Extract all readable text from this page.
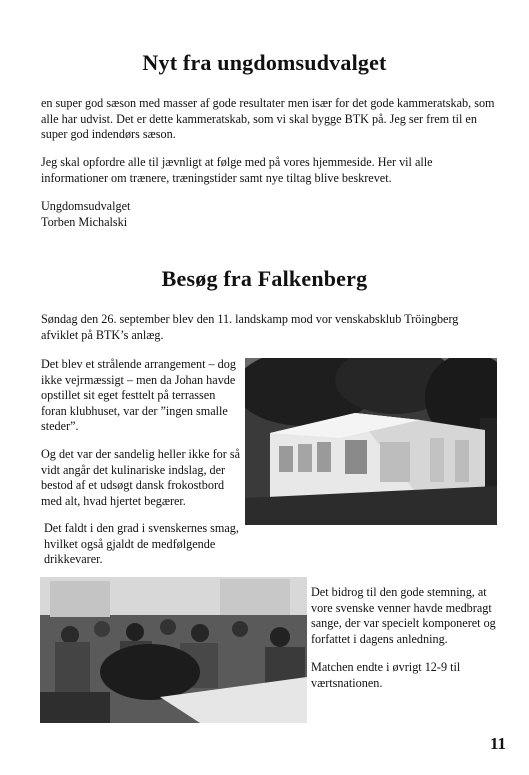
Nyt fra ungdomsudvalget

en super god sæson med masser af gode resultater men især for det gode kammeratskab, som alle har udvist. Det er dette kammeratskab, som vi skal bygge BTK på. Jeg ser frem til en super god indendørs sæson.

Jeg skal opfordre alle til jævnligt at følge med på vores hjemmeside. Her vil alle informationer om trænere, træningstider samt nye tiltag blive beskrevet.

Ungdomsudvalget

Torben Michalski

Besøg fra Falkenberg

Søndag den 26. september blev den 11. landskamp mod vor venskabsklub Tröingberg afviklet på BTK’s anlæg.

Det blev et strålende arrangement – dog ikke vejrmæssigt – men da Johan havde opstillet sit eget festtelt på terrassen foran klubhuset, var der ”ingen smalle steder”.

Og det var der sandelig heller ikke for så vidt angår det kulinariske indslag, der bestod af et udsøgt dansk frokostbord med alt, hvad hjertet begærer.

Det faldt i den grad i svenskernes smag, hvilket også gjaldt de medfølgende drikkevarer.

Det bidrog til den gode stemning, at vore svenske venner havde medbragt sange, der var specielt komponeret og forfattet i dagens anledning.

Matchen endte i øvrigt 12-9 til værtsnationen.

11
